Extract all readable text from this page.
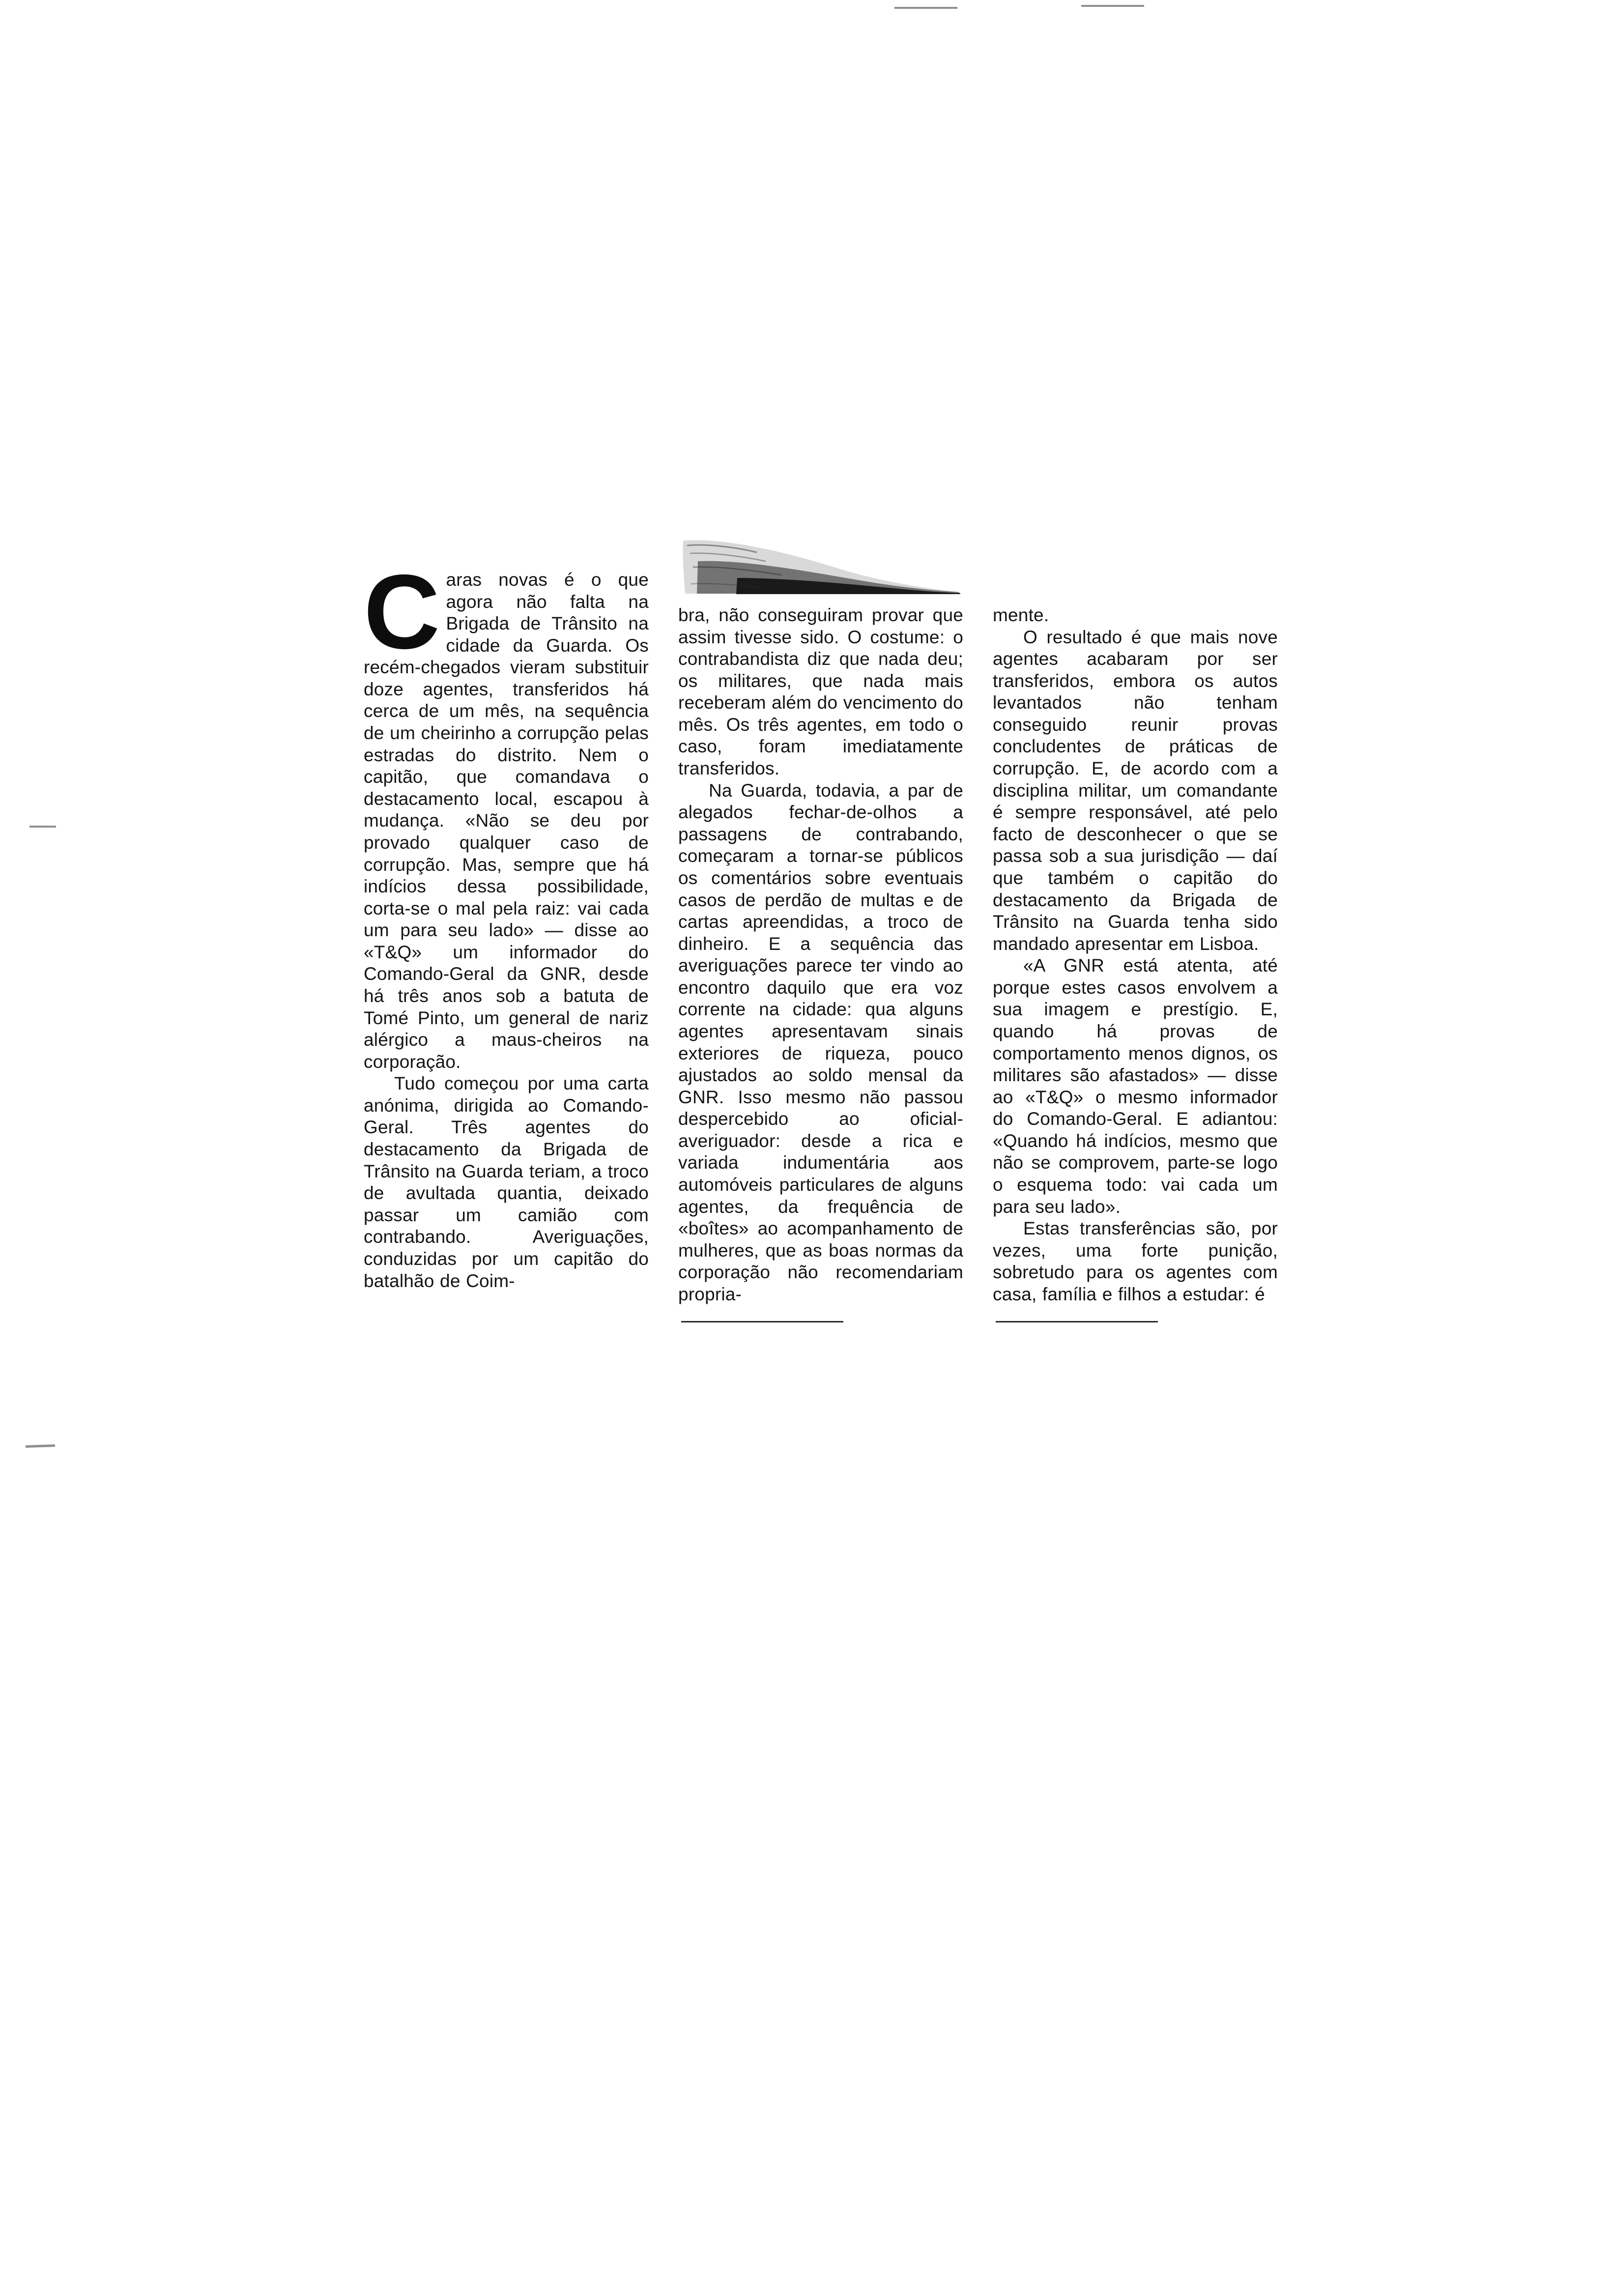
Caras novas é o que agora não falta na Brigada de Trânsito na cidade da Guarda. Os recém-chegados vieram substituir doze agentes, transferidos há cerca de um mês, na sequência de um cheirinho a corrupção pelas estradas do distrito. Nem o capitão, que comandava o destacamento local, escapou à mudança. «Não se deu por provado qualquer caso de corrupção. Mas, sempre que há indícios dessa possibilidade, corta-se o mal pela raiz: vai cada um para seu lado» — disse ao «T&Q» um informador do Comando-Geral da GNR, desde há três anos sob a batuta de Tomé Pinto, um general de nariz alérgico a maus-cheiros na corporação.

Tudo começou por uma carta anónima, dirigida ao Comando-Geral. Três agentes do destacamento da Brigada de Trânsito na Guarda teriam, a troco de avultada quantia, deixado passar um camião com contrabando. Averiguações, conduzidas por um capitão do batalhão de Coim-

bra, não conseguiram provar que assim tivesse sido. O costume: o contrabandista diz que nada deu; os militares, que nada mais receberam além do vencimento do mês. Os três agentes, em todo o caso, foram imediatamente transferidos.

Na Guarda, todavia, a par de alegados fechar-de-olhos a passagens de contrabando, começaram a tornar-se públicos os comentários sobre eventuais casos de perdão de multas e de cartas apreendidas, a troco de dinheiro. E a sequência das averiguações parece ter vindo ao encontro daquilo que era voz corrente na cidade: qua alguns agentes apresentavam sinais exteriores de riqueza, pouco ajustados ao soldo mensal da GNR. Isso mesmo não passou despercebido ao oficial-averiguador: desde a rica e variada indumentária aos automóveis particulares de alguns agentes, da frequência de «boîtes» ao acompanhamento de mulheres, que as boas normas da corporação não recomendariam propria-

mente.

O resultado é que mais nove agentes acabaram por ser transferidos, embora os autos levantados não tenham conseguido reunir provas concludentes de práticas de corrupção. E, de acordo com a disciplina militar, um comandante é sempre responsável, até pelo facto de desconhecer o que se passa sob a sua jurisdição — daí que também o capitão do destacamento da Brigada de Trânsito na Guarda tenha sido mandado apresentar em Lisboa.

«A GNR está atenta, até porque estes casos envolvem a sua imagem e prestígio. E, quando há provas de comportamento menos dignos, os militares são afastados» — disse ao «T&Q» o mesmo informador do Comando-Geral. E adiantou: «Quando há indícios, mesmo que não se comprovem, parte-se logo o esquema todo: vai cada um para seu lado».

Estas transferências são, por vezes, uma forte punição, sobretudo para os agentes com casa, família e filhos a estudar: é
